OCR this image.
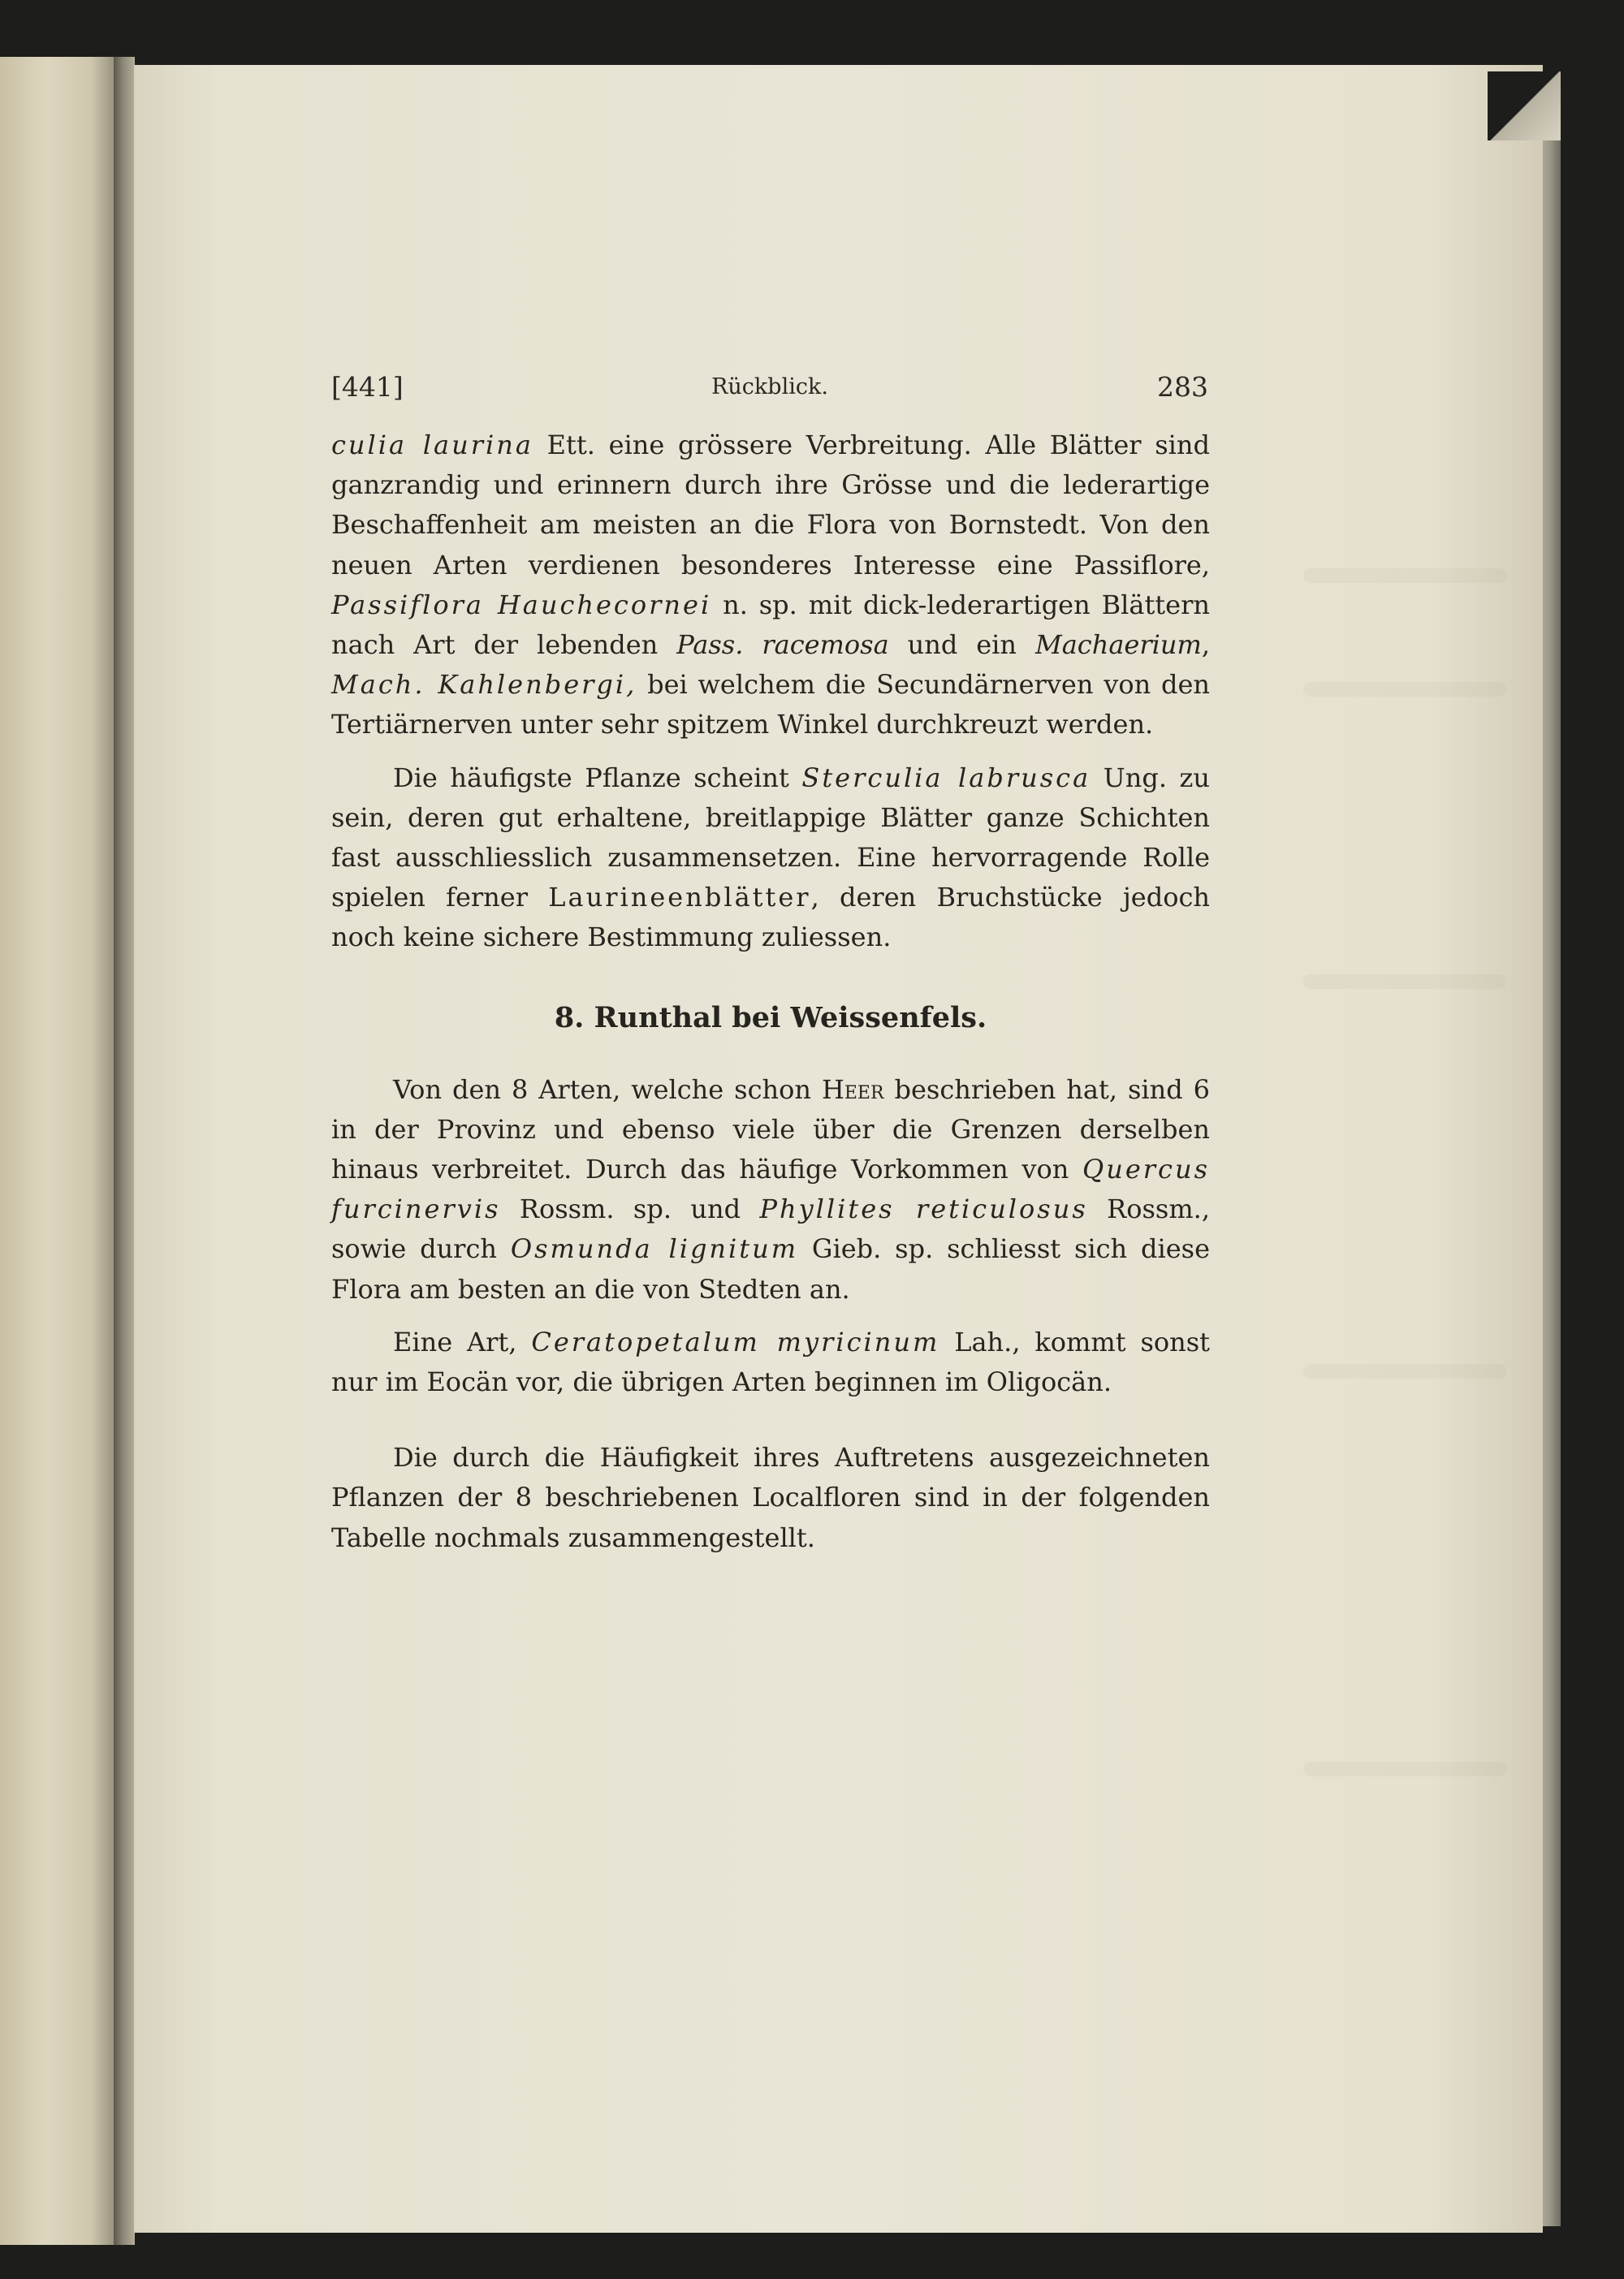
Rückblick.
[441]	283

culia laurina Ett. eine grössere Verbreitung. Alle Blätter sind ganzrandig und erinnern durch ihre Grösse und die lederartige Beschaffenheit am meisten an die Flora von Bornstedt. Von den neuen Arten verdienen besonderes Interesse eine Passiflore, Passiflora Hauchecornei n. sp. mit dick-lederartigen Blättern nach Art der lebenden Pass. racemosa und ein Machaerium, Mach. Kahlenbergi, bei welchem die Secundärnerven von den Tertiärnerven unter sehr spitzem Winkel durchkreuzt werden.

Die häufigste Pflanze scheint Sterculia labrusca Ung. zu sein, deren gut erhaltene, breitlappige Blätter ganze Schichten fast ausschliesslich zusammensetzen. Eine hervorragende Rolle spielen ferner Laurineenblätter, deren Bruchstücke jedoch noch keine sichere Bestimmung zuliessen.

8. Runthal bei Weissenfels.

Von den 8 Arten, welche schon Heer beschrieben hat, sind 6 in der Provinz und ebenso viele über die Grenzen derselben hinaus verbreitet. Durch das häufige Vorkommen von Quercus furcinervis Rossm. sp. und Phyllites reticulosus Rossm., sowie durch Osmunda lignitum Gieb. sp. schliesst sich diese Flora am besten an die von Stedten an.

Eine Art, Ceratopetalum myricinum Lah., kommt sonst nur im Eocän vor, die übrigen Arten beginnen im Oligocän.

Die durch die Häufigkeit ihres Auftretens ausgezeichneten Pflanzen der 8 beschriebenen Localfloren sind in der folgenden Tabelle nochmals zusammengestellt.
